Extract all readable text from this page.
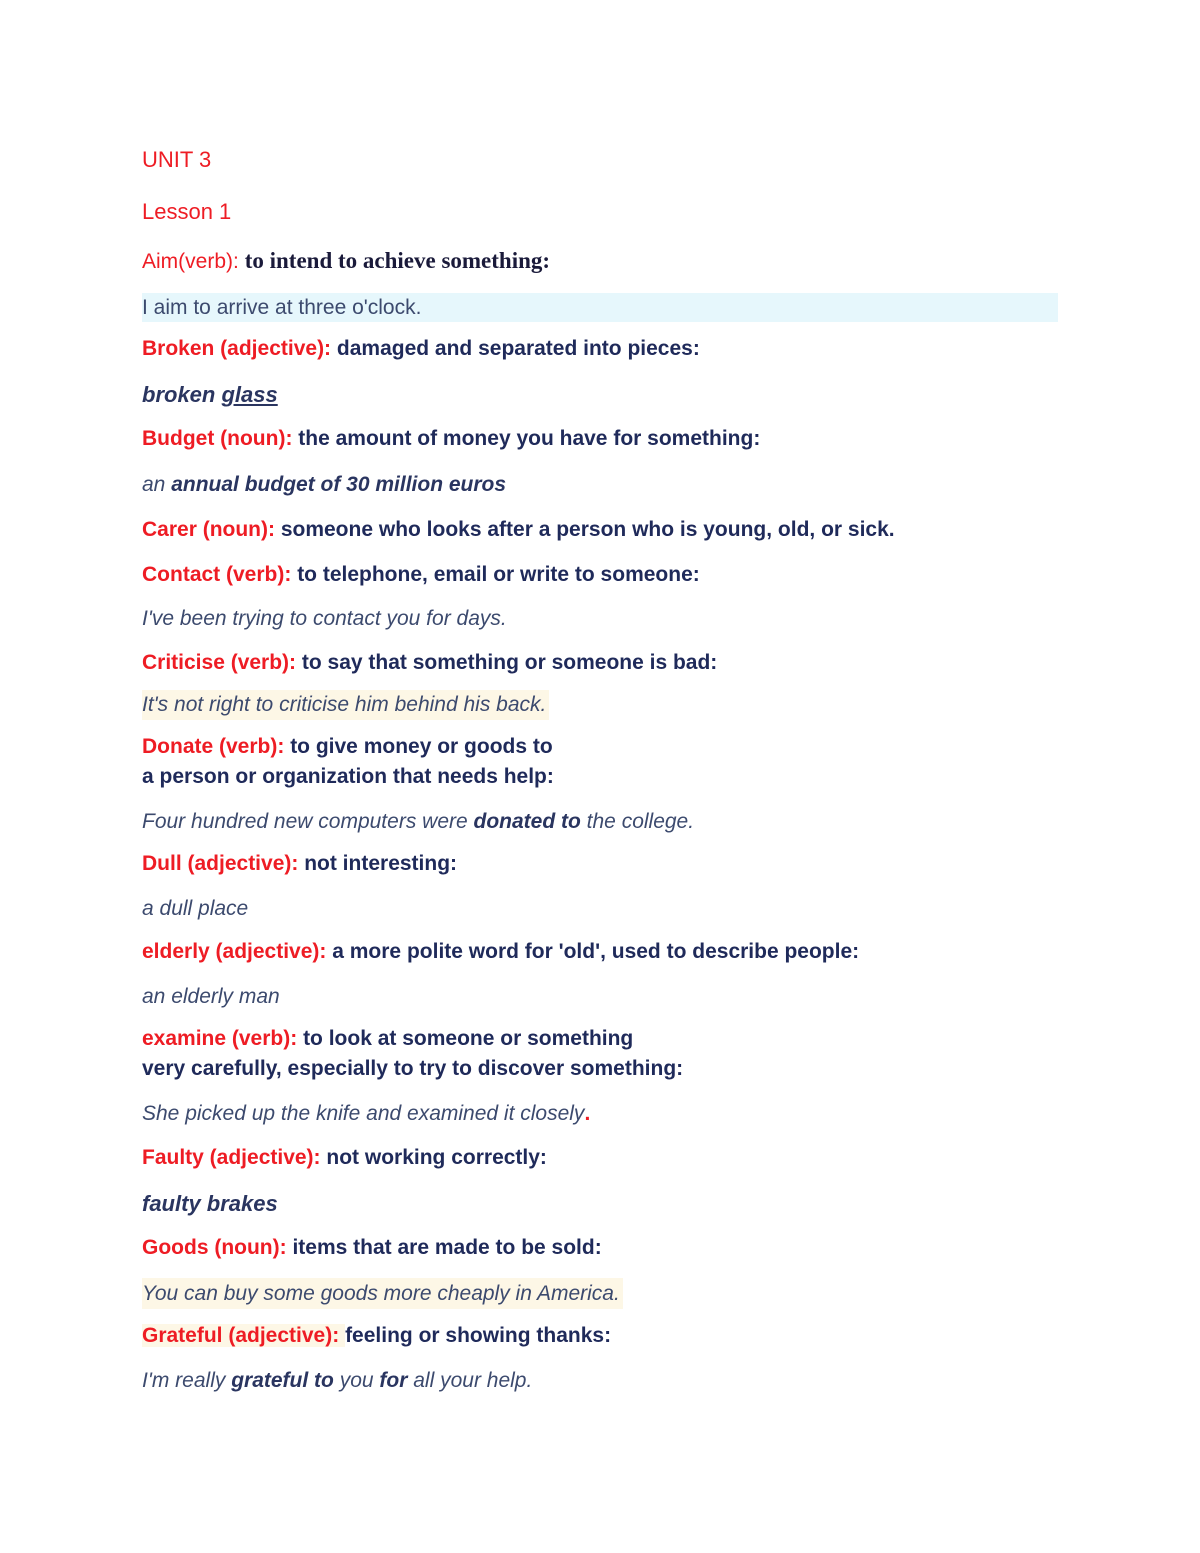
UNIT 3
Lesson 1
Aim(verb): to intend to achieve something:
I aim to arrive at three o'clock.
Broken (adjective): damaged and separated into pieces:
broken glass
Budget (noun): the amount of money you have for something:
an annual budget of 30 million euros
Carer (noun): someone who looks after a person who is young, old, or sick.
Contact (verb): to telephone, email or write to someone:
I've been trying to contact you for days.
Criticise (verb): to say that something or someone is bad:
It's not right to criticise him behind his back.
Donate (verb): to give money or goods to
a person or organization that needs help:
Four hundred new computers were donated to the college.
Dull (adjective): not interesting:
a dull place
elderly (adjective): a more polite word for 'old', used to describe people:
an elderly man
examine (verb): to look at someone or something
very carefully, especially to try to discover something:
She picked up the knife and examined it closely.
Faulty (adjective): not working correctly:
faulty brakes
Goods (noun): items that are made to be sold:
You can buy some goods more cheaply in America.
Grateful (adjective): feeling or showing thanks:
I'm really grateful to you for all your help.
